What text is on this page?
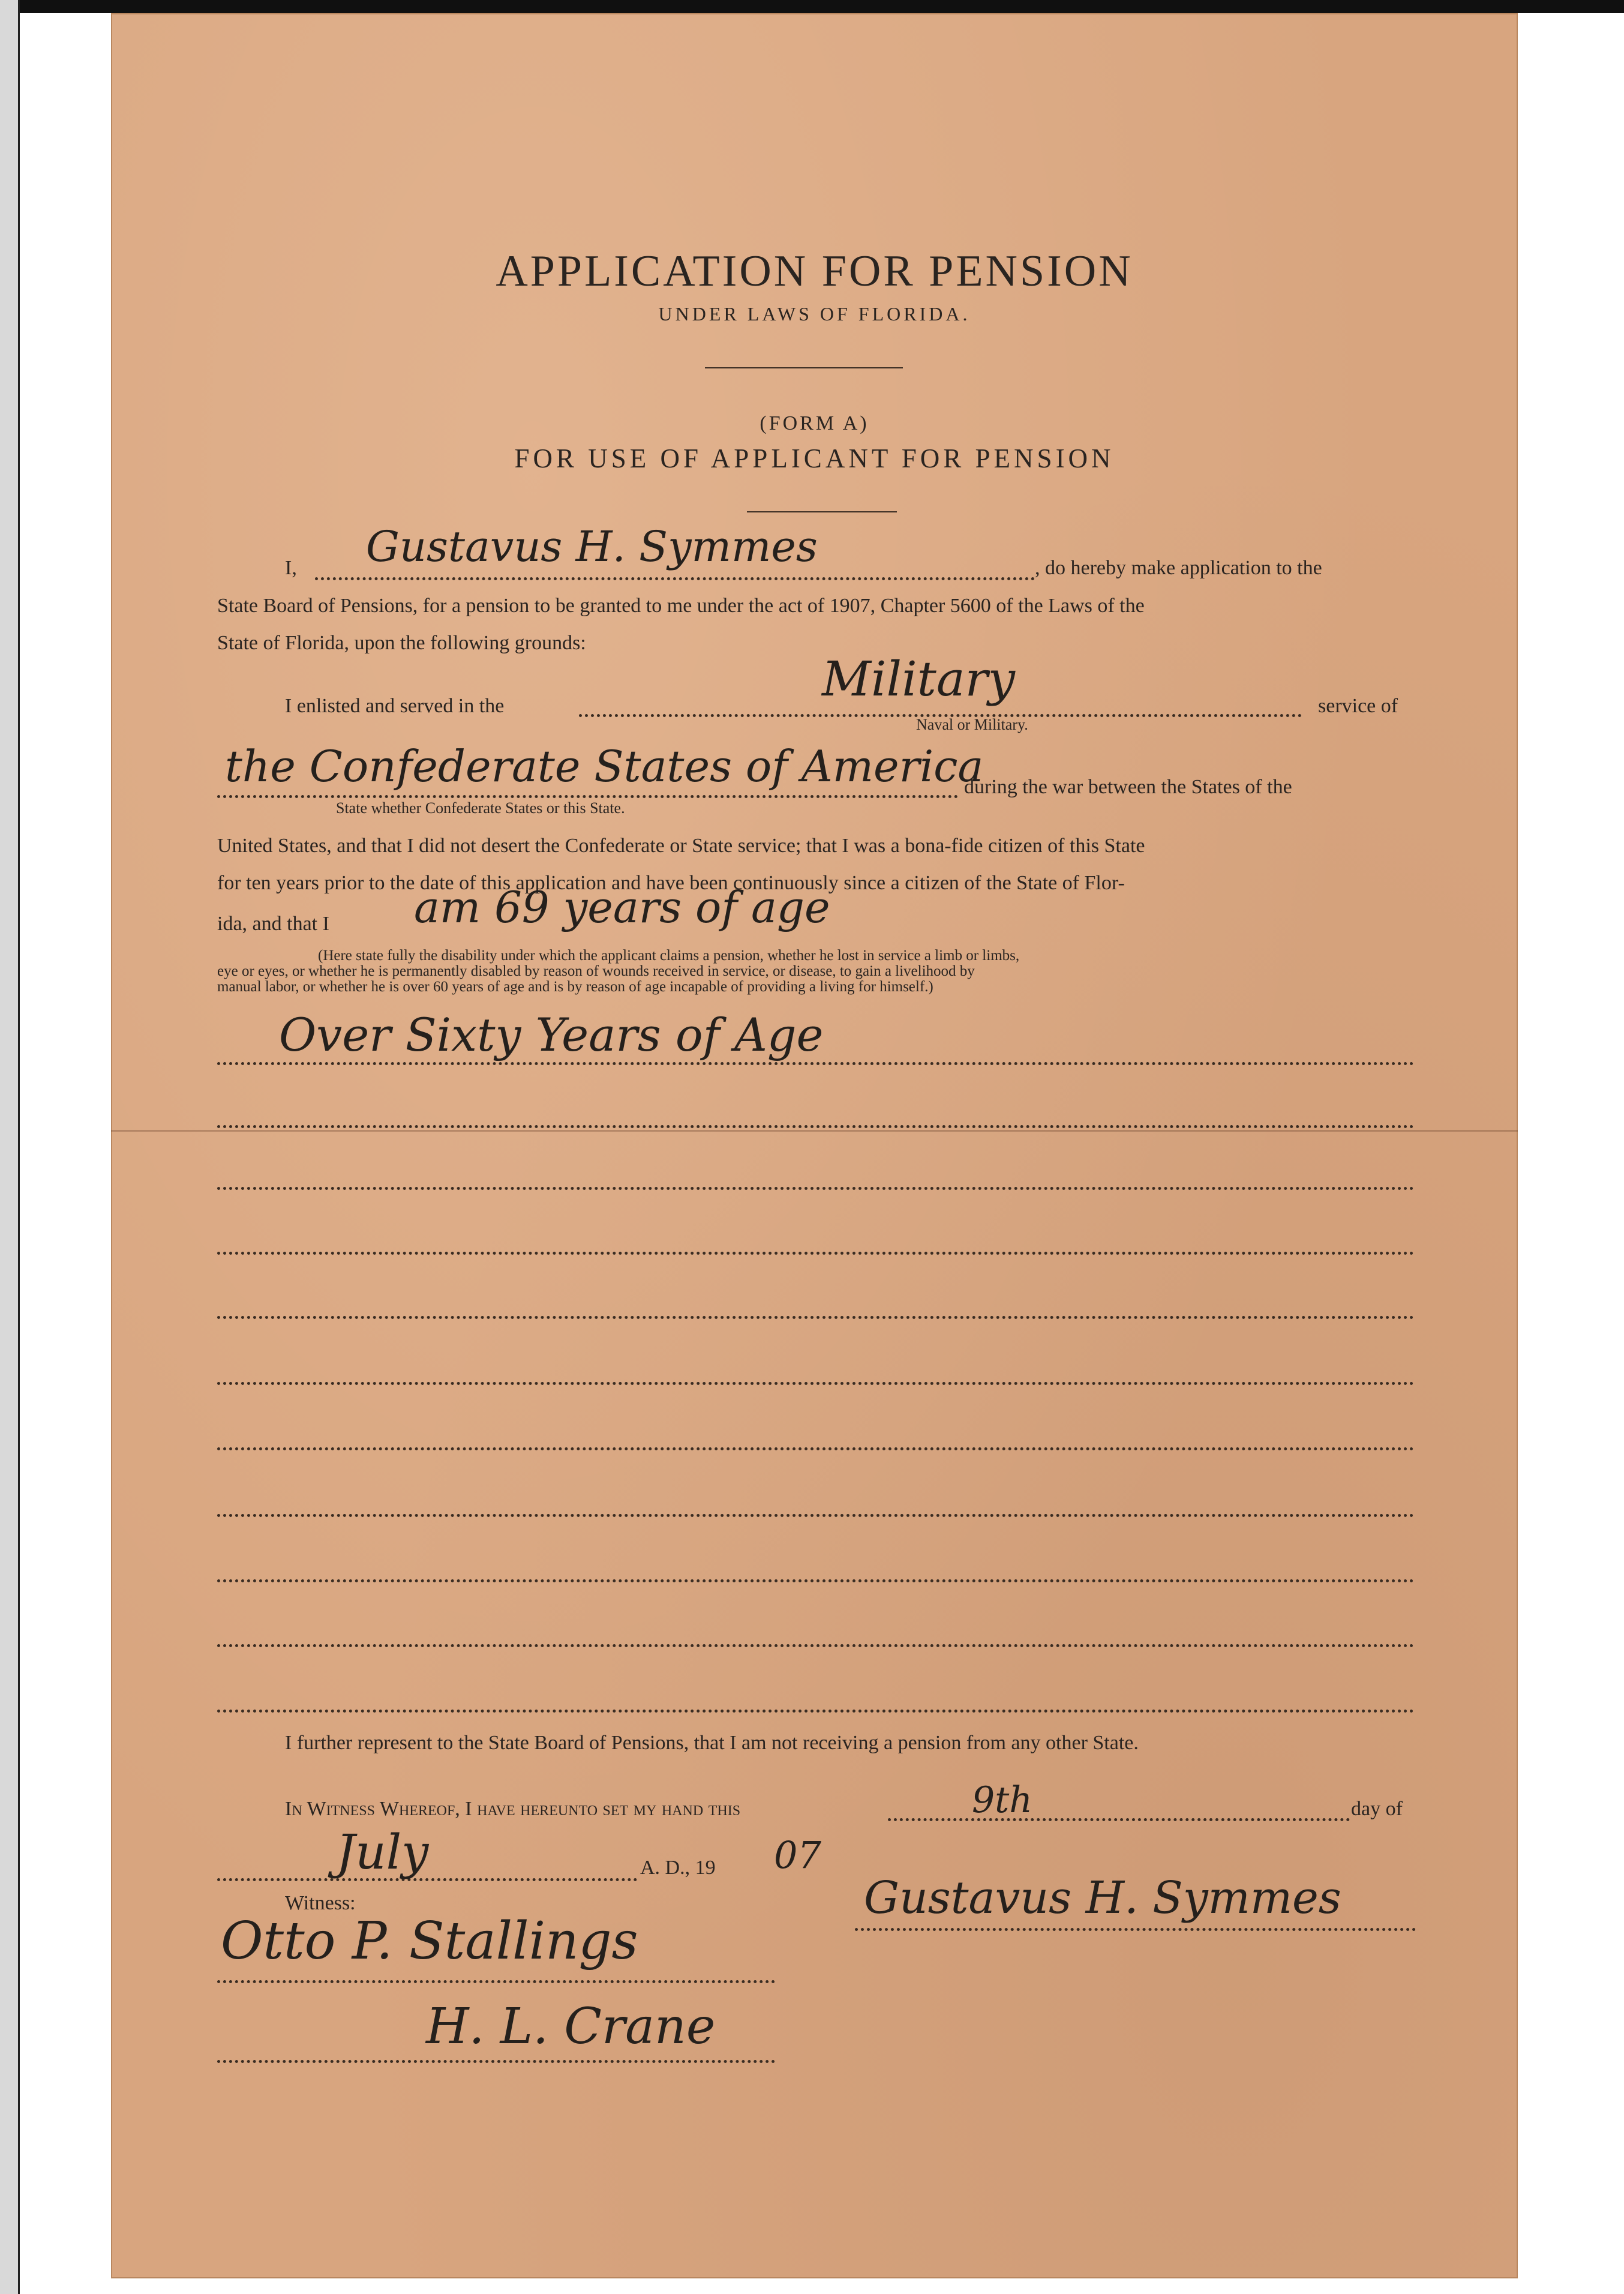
APPLICATION FOR PENSION
UNDER LAWS OF FLORIDA.
(FORM A)
FOR USE OF APPLICANT FOR PENSION
I, Gustavus H. Symmes	, do hereby make application to the
State Board of Pensions, for a pension to be granted to me under the act of 1907, Chapter 5600 of the Laws of the
State of Florida, upon the following grounds:
I enlisted and served in the	Military	service of
Naval or Military.
the Confederate States of America
during the war between the States of the
State whether Confederate States or this State.
United States, and that I did not desert the Confederate or State service; that I was a bona-fide citizen of this State
for ten years prior to the date of this application and have been continuously since a citizen of the State of Flor-
ida, and that I am 69 years of age
(Here state fully the disability under which the applicant claims a pension, whether he lost in service a limb or limbs,
eye or eyes, or whether he is permanently disabled by reason of wounds received in service, or disease, to gain a livelihood by
manual labor, or whether he is over 60 years of age and is by reason of age incapable of providing a living for himself.)
Over Sixty Years of Age
I further represent to the State Board of Pensions, that I am not receiving a pension from any other State.
In Witness Whereof, I have hereunto set my hand this	9th	day of
July	A. D., 19 07
Witness:
Otto P. Stallings
H. L. Crane
Gustavus H. Symmes
